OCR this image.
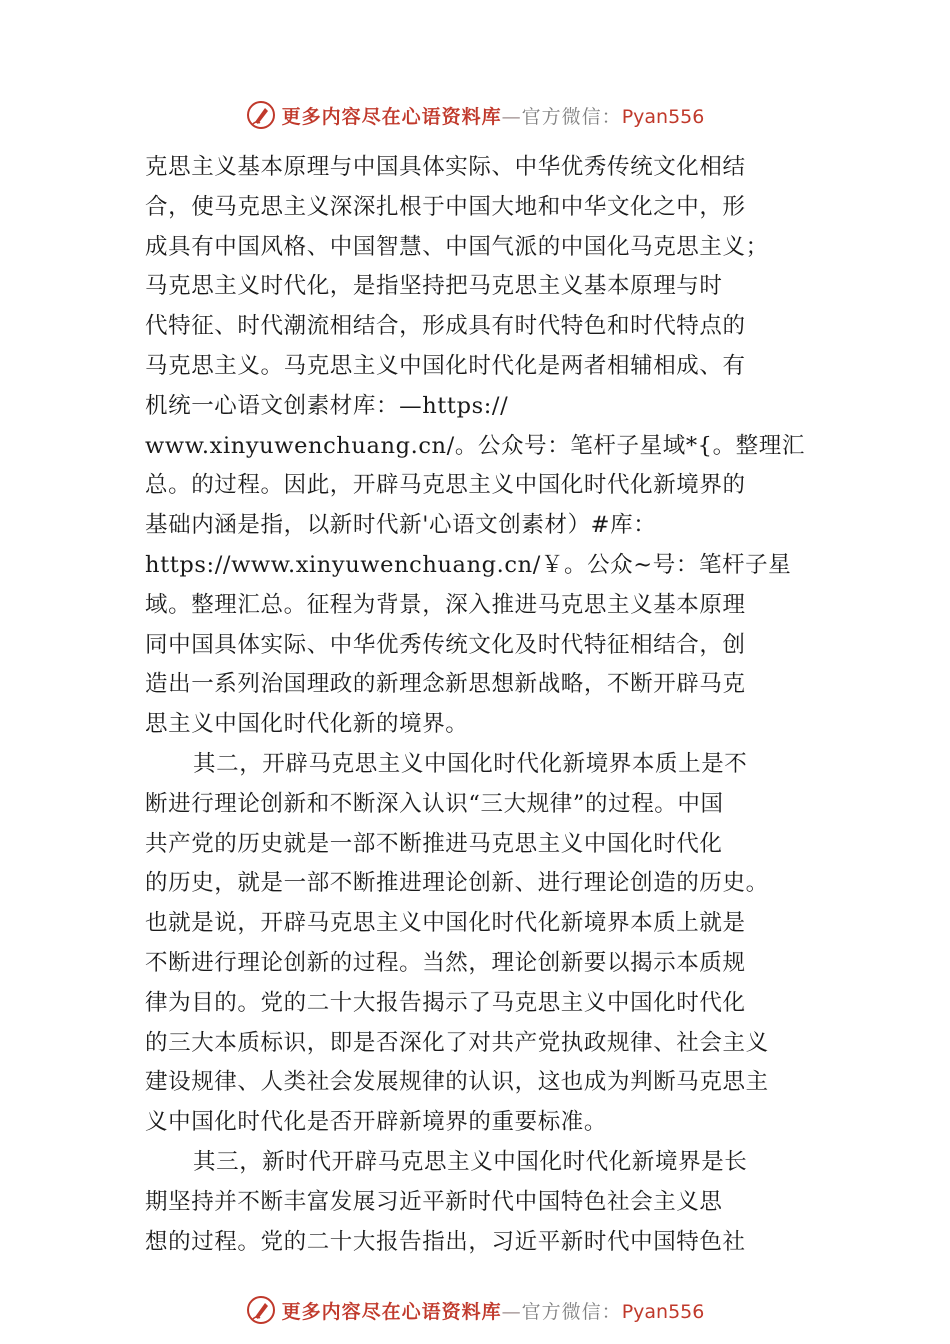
更多内容尽在心语资料库—官方微信：Pyan556
克思主义基本原理与中国具体实际、中华优秀传统文化相结
合，使马克思主义深深扎根于中国大地和中华文化之中，形
成具有中国风格、中国智慧、中国气派的中国化马克思主义；
马克思主义时代化，是指坚持把马克思主义基本原理与时
代特征、时代潮流相结合，形成具有时代特色和时代特点的
马克思主义。马克思主义中国化时代化是两者相辅相成、有
机统一心语文创素材库：—https://
www.xinyuwenchuang.cn/。公众号：笔杆子星域*{。整理汇
总。的过程。因此，开辟马克思主义中国化时代化新境界的
基础内涵是指，以新时代新'心语文创素材）#库：
https://www.xinyuwenchuang.cn/￥。公众~号：笔杆子星
域。整理汇总。征程为背景，深入推进马克思主义基本原理
同中国具体实际、中华优秀传统文化及时代特征相结合，创
造出一系列治国理政的新理念新思想新战略，不断开辟马克
思主义中国化时代化新的境界。
其二，开辟马克思主义中国化时代化新境界本质上是不
断进行理论创新和不断深入认识“三大规律”的过程。中国
共产党的历史就是一部不断推进马克思主义中国化时代化
的历史，就是一部不断推进理论创新、进行理论创造的历史。
也就是说，开辟马克思主义中国化时代化新境界本质上就是
不断进行理论创新的过程。当然，理论创新要以揭示本质规
律为目的。党的二十大报告揭示了马克思主义中国化时代化
的三大本质标识，即是否深化了对共产党执政规律、社会主义
建设规律、人类社会发展规律的认识，这也成为判断马克思主
义中国化时代化是否开辟新境界的重要标准。
其三，新时代开辟马克思主义中国化时代化新境界是长
期坚持并不断丰富发展习近平新时代中国特色社会主义思
想的过程。党的二十大报告指出，习近平新时代中国特色社
更多内容尽在心语资料库—官方微信：Pyan556
